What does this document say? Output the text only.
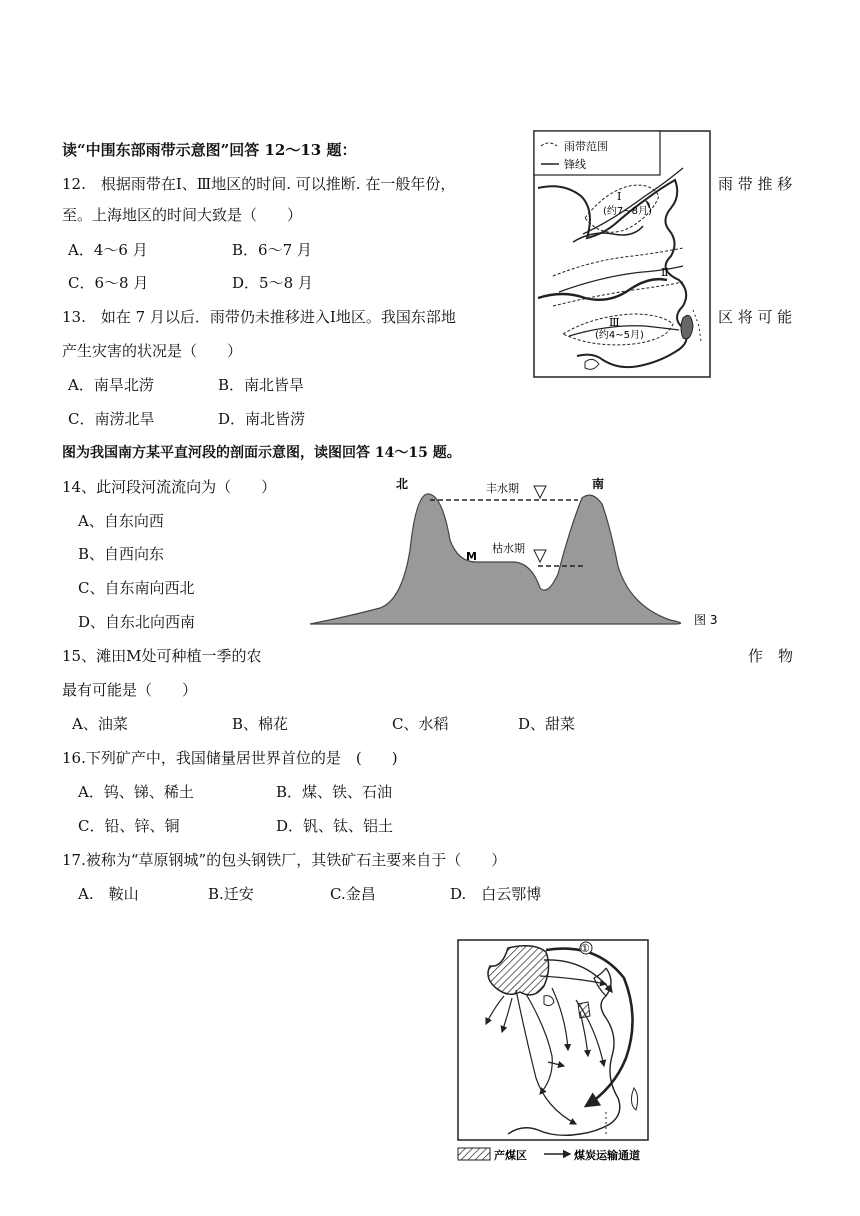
读“中围东部雨带示意图”回答 12～13 题：
12.　根据雨带在Ⅰ、Ⅲ地区的时间. 可以推断. 在一般年份，	雨 带 推 移
至。上海地区的时间大致是（　　）
A．4～6 月	B．6～7 月
C．6～8 月	D．5～8 月
13.　如在 7 月以后．雨带仍未推移进入Ⅰ地区。我国东部地	区 将 可 能
产生灾害的状况是（　　）
A．南旱北涝	B．南北皆旱
C．南涝北旱	D．南北皆涝
雨带范围
锋线
Ⅰ
(约7~8月)
Ⅱ
Ⅲ
(约4~5月)
图为我国南方某平直河段的剖面示意图，读图回答 14～15 题。
14、此河段河流流向为（　　）
A、自东向西
B、自西向东
C、自东南向西北
D、自东北向西南
北	南
丰水期
枯水期
M
图 3
15、滩田M处可种植一季的农	作　物
最有可能是（　　）
A、油菜	B、棉花	C、水稻	D、甜菜
16.下列矿产中，我国储量居世界首位的是　(　　)
A．钨、锑、稀土	B．煤、铁、石油
C．铅、锌、铜	D．钒、钛、铝土
17.被称为“草原钢城”的包头钢铁厂，其铁矿石主要来自于（　　）
A.　鞍山	B.迁安	C.金昌	D.　白云鄂博
①
产煤区	煤炭运输通道
